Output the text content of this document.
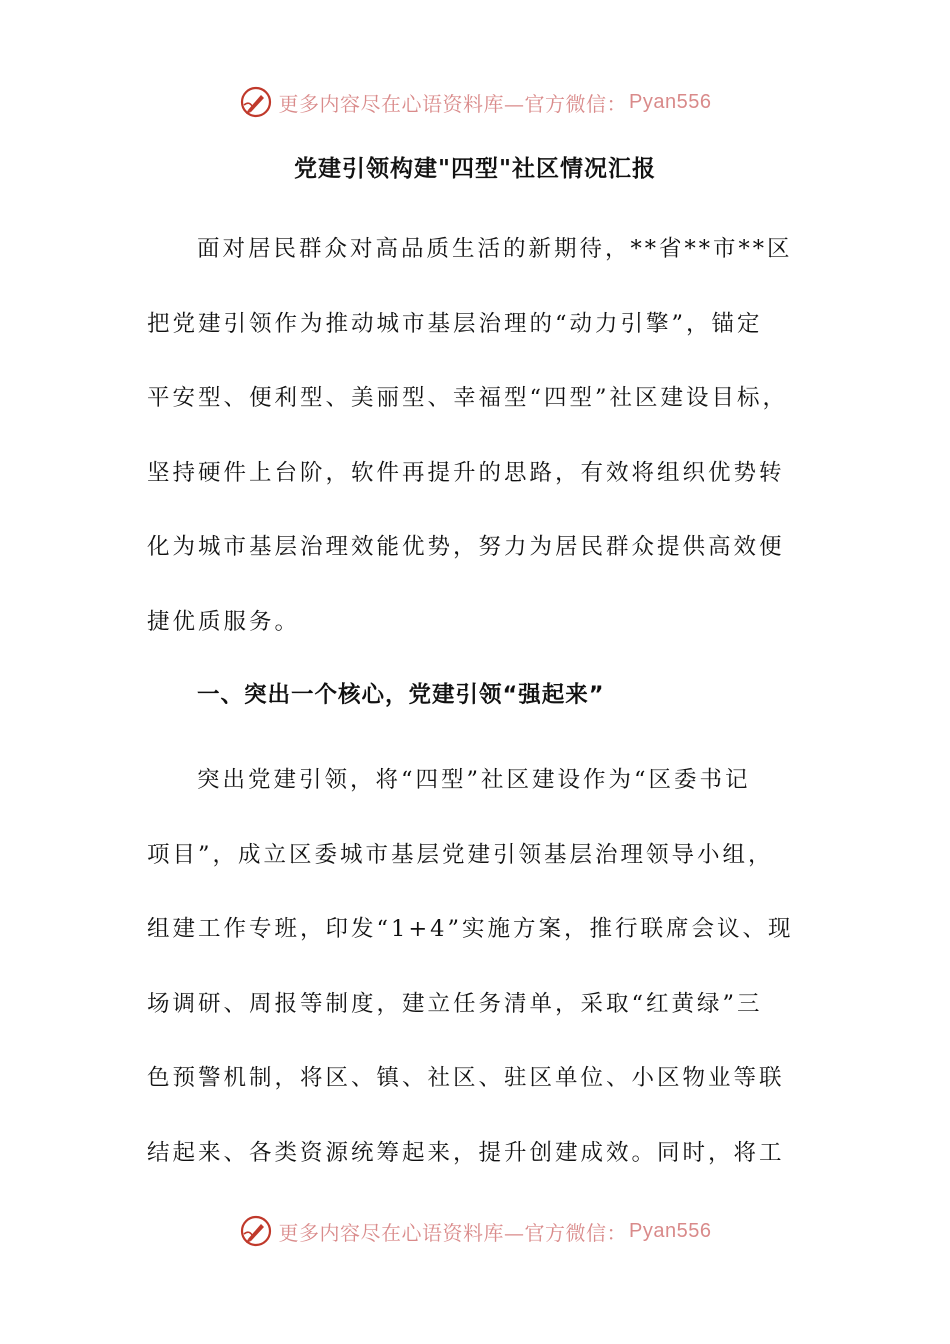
更多内容尽在心语资料库—官方微信： Pyan556
党建引领构建"四型"社区情况汇报
面对居民群众对高品质生活的新期待，**省**市**区
把党建引领作为推动城市基层治理的“动力引擎”，锚定
平安型、便利型、美丽型、幸福型“四型”社区建设目标，
坚持硬件上台阶，软件再提升的思路，有效将组织优势转
化为城市基层治理效能优势，努力为居民群众提供高效便
捷优质服务。
一、突出一个核心，党建引领“强起来”
突出党建引领，将“四型”社区建设作为“区委书记
项目”，成立区委城市基层党建引领基层治理领导小组，
组建工作专班，印发“1+4”实施方案，推行联席会议、现
场调研、周报等制度，建立任务清单，采取“红黄绿”三
色预警机制，将区、镇、社区、驻区单位、小区物业等联
结起来、各类资源统筹起来，提升创建成效。同时，将工
更多内容尽在心语资料库—官方微信： Pyan556
